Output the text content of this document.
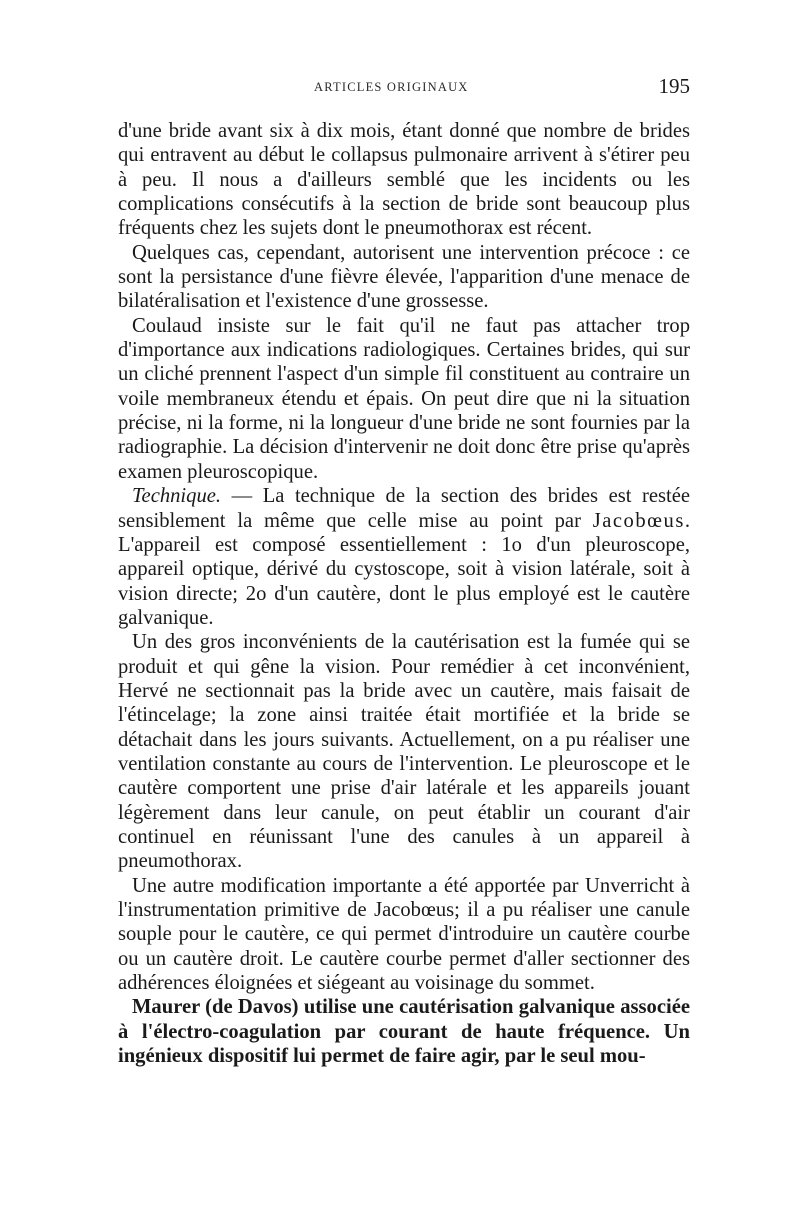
ARTICLES ORIGINAUX	195

d'une bride avant six à dix mois, étant donné que nombre de brides qui entravent au début le collapsus pulmonaire arrivent à s'étirer peu à peu. Il nous a d'ailleurs semblé que les incidents ou les complications consécutifs à la section de bride sont beaucoup plus fréquents chez les sujets dont le pneumothorax est récent.

Quelques cas, cependant, autorisent une intervention précoce : ce sont la persistance d'une fièvre élevée, l'apparition d'une menace de bilatéralisation et l'existence d'une grossesse.

Coulaud insiste sur le fait qu'il ne faut pas attacher trop d'importance aux indications radiologiques. Certaines brides, qui sur un cliché prennent l'aspect d'un simple fil constituent au contraire un voile membraneux étendu et épais. On peut dire que ni la situation précise, ni la forme, ni la longueur d'une bride ne sont fournies par la radiographie. La décision d'intervenir ne doit donc être prise qu'après examen pleuroscopique.

Technique. — La technique de la section des brides est restée sensiblement la même que celle mise au point par Jacobœus. L'appareil est composé essentiellement : 1o d'un pleuroscope, appareil optique, dérivé du cystoscope, soit à vision latérale, soit à vision directe; 2o d'un cautère, dont le plus employé est le cautère galvanique.

Un des gros inconvénients de la cautérisation est la fumée qui se produit et qui gêne la vision. Pour remédier à cet inconvénient, Hervé ne sectionnait pas la bride avec un cautère, mais faisait de l'étincelage; la zone ainsi traitée était mortifiée et la bride se détachait dans les jours suivants. Actuellement, on a pu réaliser une ventilation constante au cours de l'intervention. Le pleuroscope et le cautère comportent une prise d'air latérale et les appareils jouant légèrement dans leur canule, on peut établir un courant d'air continuel en réunissant l'une des canules à un appareil à pneumothorax.

Une autre modification importante a été apportée par Unverricht à l'instrumentation primitive de Jacobœus; il a pu réaliser une canule souple pour le cautère, ce qui permet d'introduire un cautère courbe ou un cautère droit. Le cautère courbe permet d'aller sectionner des adhérences éloignées et siégeant au voisinage du sommet.

Maurer (de Davos) utilise une cautérisation galvanique associée à l'électro-coagulation par courant de haute fréquence. Un ingénieux dispositif lui permet de faire agir, par le seul mou-
